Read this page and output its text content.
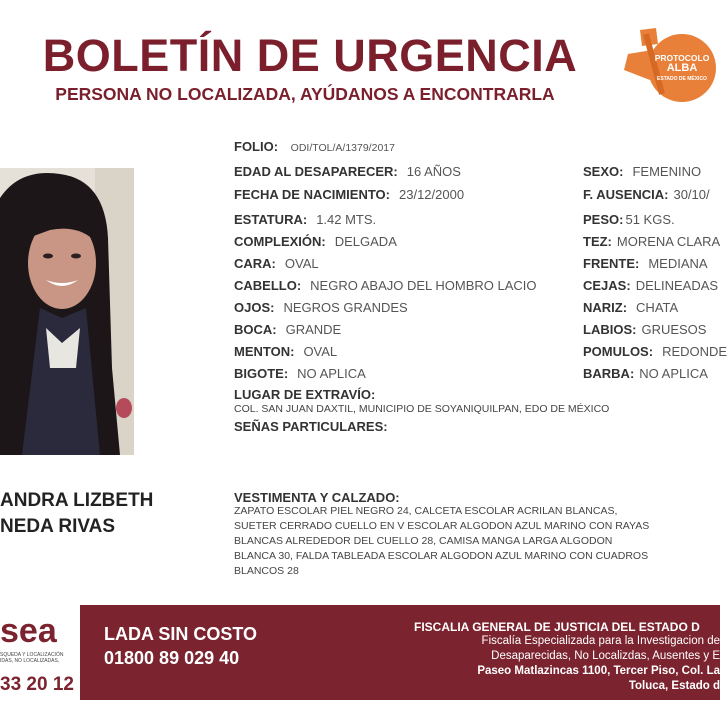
BOLETÍN DE URGENCIA
PERSONA NO LOCALIZADA, AYÚDANOS A ENCONTRARLA
PROTOCOLO
ALBA
ESTADO DE MÉXICO
ANDRA LIZBETH
NEDA RIVAS
FOLIO: ODI/TOL/A/1379/2017
EDAD AL DESAPARECER: 16 AÑOS
FECHA DE NACIMIENTO: 23/12/2000
ESTATURA: 1.42 MTS.
COMPLEXIÓN: DELGADA
CARA: OVAL
CABELLO: NEGRO ABAJO DEL HOMBRO LACIO
OJOS: NEGROS GRANDES
BOCA: GRANDE
MENTON: OVAL
BIGOTE: NO APLICA
SEXO: FEMENINO
F. AUSENCIA: 30/10/
PESO: 51 KGS.
TEZ: MORENA CLARA
FRENTE: MEDIANA
CEJAS: DELINEADAS
NARIZ: CHATA
LABIOS: GRUESOS
POMULOS: REDONDE
BARBA: NO APLICA
LUGAR DE EXTRAVÍO:
COL. SAN JUAN DAXTIL, MUNICIPIO DE SOYANIQUILPAN, EDO DE MÉXICO
SEÑAS PARTICULARES:
VESTIMENTA Y CALZADO:
ZAPATO ESCOLAR PIEL NEGRO 24, CALCETA ESCOLAR ACRILAN BLANCAS, SUETER CERRADO CUELLO EN V ESCOLAR ALGODON AZUL MARINO CON RAYAS BLANCAS ALREDEDOR DEL CUELLO 28, CAMISA MANGA LARGA ALGODON BLANCA 30, FALDA TABLEADA ESCOLAR ALGODON AZUL MARINO CON CUADROS BLANCOS 28
sea
SQUEDA Y LOCALIZACIÓN IDAS, NO LOCALIZADAS,
33 20 12
LADA SIN COSTO
01800 89 029 40
FISCALIA GENERAL DE JUSTICIA DEL ESTADO D
Fiscalía Especializada para la Investigacion de
Desaparecidas, No Localizdas, Ausentes y E
Paseo Matlazincas 1100, Tercer Piso, Col. La
Toluca, Estado d
